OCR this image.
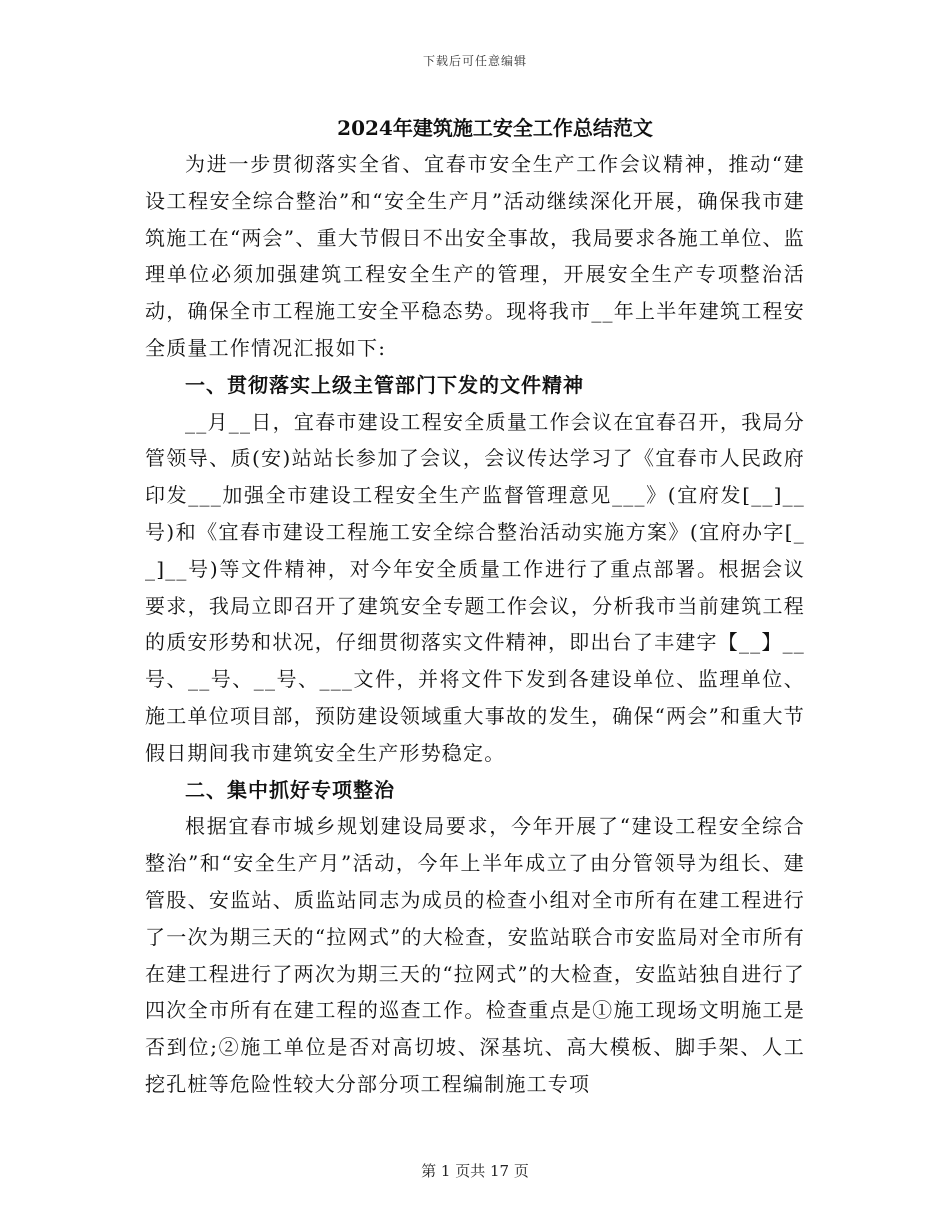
下载后可任意编辑
2024年建筑施工安全工作总结范文

为进一步贯彻落实全省、宜春市安全生产工作会议精神，推动“建设工程安全综合整治”和“安全生产月”活动继续深化开展，确保我市建筑施工在“两会”、重大节假日不出安全事故，我局要求各施工单位、监理单位必须加强建筑工程安全生产的管理，开展安全生产专项整治活动，确保全市工程施工安全平稳态势。现将我市__年上半年建筑工程安全质量工作情况汇报如下:

一、贯彻落实上级主管部门下发的文件精神

__月__日，宜春市建设工程安全质量工作会议在宜春召开，我局分管领导、质(安)站站长参加了会议，会议传达学习了《宜春市人民政府印发___加强全市建设工程安全生产监督管理意见___》(宜府发[__]__号)和《宜春市建设工程施工安全综合整治活动实施方案》(宜府办字[__]__号)等文件精神，对今年安全质量工作进行了重点部署。根据会议要求，我局立即召开了建筑安全专题工作会议，分析我市当前建筑工程的质安形势和状况，仔细贯彻落实文件精神，即出台了丰建字【__】__号、__号、__号、___文件，并将文件下发到各建设单位、监理单位、施工单位项目部，预防建设领域重大事故的发生，确保“两会”和重大节假日期间我市建筑安全生产形势稳定。

二、集中抓好专项整治

根据宜春市城乡规划建设局要求，今年开展了“建设工程安全综合整治”和“安全生产月”活动，今年上半年成立了由分管领导为组长、建管股、安监站、质监站同志为成员的检查小组对全市所有在建工程进行了一次为期三天的“拉网式”的大检查，安监站联合市安监局对全市所有在建工程进行了两次为期三天的“拉网式”的大检查，安监站独自进行了四次全市所有在建工程的巡查工作。检查重点是①施工现场文明施工是否到位;②施工单位是否对高切坡、深基坑、高大模板、脚手架、人工挖孔桩等危险性较大分部分项工程编制施工专项

第 1 页共 17 页
